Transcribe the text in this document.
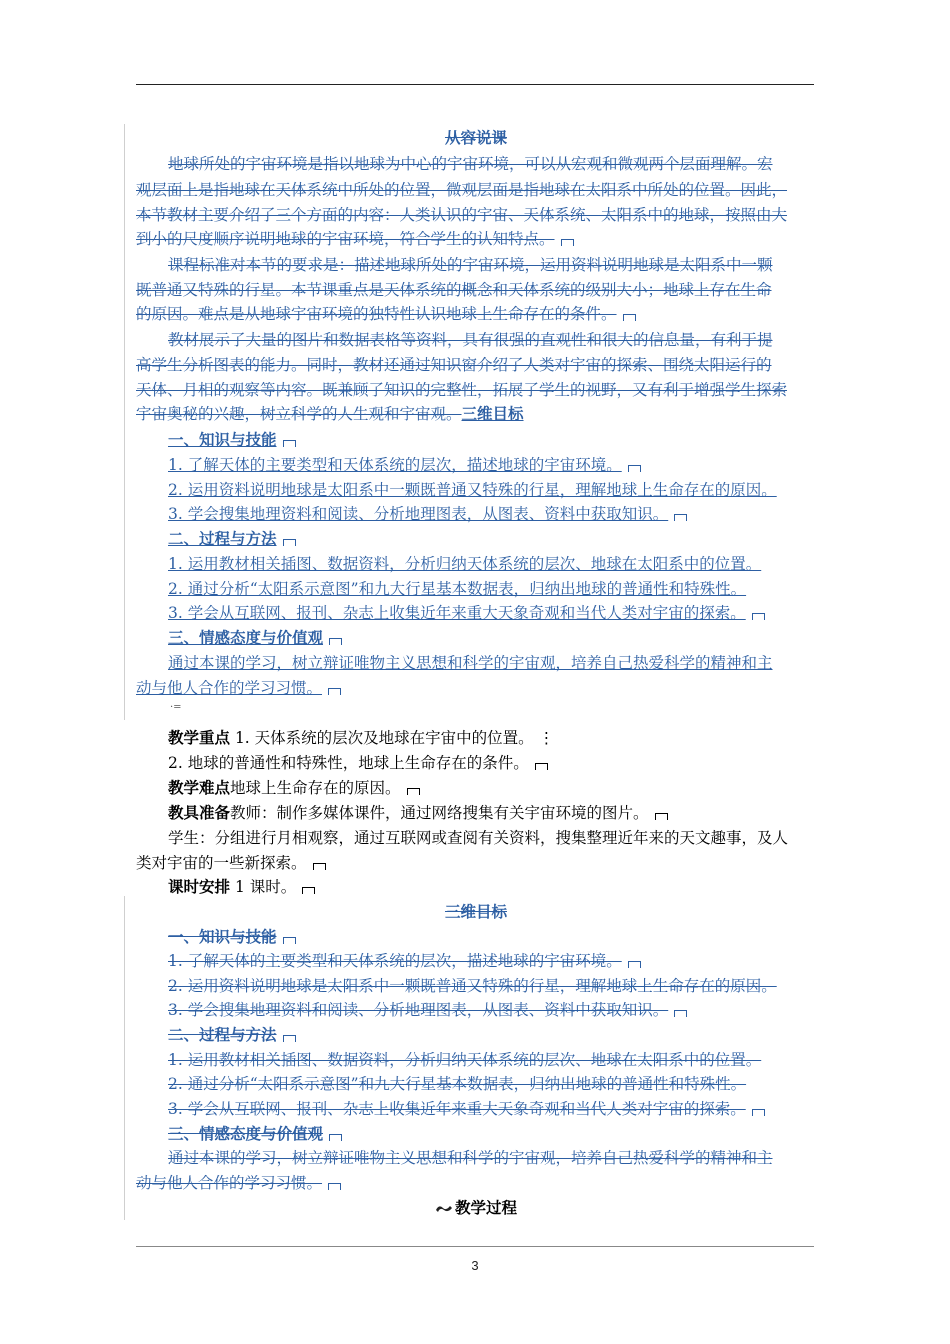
从容说课
地球所处的宇宙环境是指以地球为中心的宇宙环境，可以从宏观和微观两个层面理解。宏
观层面上是指地球在天体系统中所处的位置，微观层面是指地球在太阳系中所处的位置。因此，
本节教材主要介绍了三个方面的内容：人类认识的宇宙、天体系统、太阳系中的地球，按照由大
到小的尺度顺序说明地球的宇宙环境，符合学生的认知特点。
课程标准对本节的要求是：描述地球所处的宇宙环境，运用资料说明地球是太阳系中一颗
既普通又特殊的行星。本节课重点是天体系统的概念和天体系统的级别大小；地球上存在生命
的原因。难点是从地球宇宙环境的独特性认识地球上生命存在的条件。
教材展示了大量的图片和数据表格等资料，具有很强的直观性和很大的信息量，有利于提
高学生分析图表的能力。同时，教材还通过知识窗介绍了人类对宇宙的探索、围绕太阳运行的
天体、月相的观察等内容。既兼顾了知识的完整性，拓展了学生的视野，又有利于增强学生探索
宇宙奥秘的兴趣，树立科学的人生观和宇宙观。三维目标
一、知识与技能
1. 了解天体的主要类型和天体系统的层次，描述地球的宇宙环境。
2. 运用资料说明地球是太阳系中一颗既普通又特殊的行星，理解地球上生命存在的原因。
3. 学会搜集地理资料和阅读、分析地理图表，从图表、资料中获取知识。
二、过程与方法
1. 运用教材相关插图、数据资料，分析归纳天体系统的层次、地球在太阳系中的位置。
2. 通过分析“太阳系示意图”和九大行星基本数据表，归纳出地球的普通性和特殊性。
3. 学会从互联网、报刊、杂志上收集近年来重大天象奇观和当代人类对宇宙的探索。
三、情感态度与价值观
通过本课的学习，树立辩证唯物主义思想和科学的宇宙观，培养自己热爱科学的精神和主
动与他人合作的学习习惯。
·=
教学重点 1. 天体系统的层次及地球在宇宙中的位置。 ⋮
2. 地球的普通性和特殊性，地球上生命存在的条件。
教学难点地球上生命存在的原因。
教具准备教师：制作多媒体课件，通过网络搜集有关宇宙环境的图片。
学生：分组进行月相观察，通过互联网或查阅有关资料，搜集整理近年来的天文趣事，及人
类对宇宙的一些新探索。
课时安排 1 课时。
三维目标
一、知识与技能
1. 了解天体的主要类型和天体系统的层次，描述地球的宇宙环境。
2. 运用资料说明地球是太阳系中一颗既普通又特殊的行星，理解地球上生命存在的原因。
3. 学会搜集地理资料和阅读、分析地理图表，从图表、资料中获取知识。
二、过程与方法
1. 运用教材相关插图、数据资料，分析归纳天体系统的层次、地球在太阳系中的位置。
2. 通过分析“太阳系示意图”和九大行星基本数据表，归纳出地球的普通性和特殊性。
3. 学会从互联网、报刊、杂志上收集近年来重大天象奇观和当代人类对宇宙的探索。
三、情感态度与价值观
通过本课的学习，树立辩证唯物主义思想和科学的宇宙观，培养自己热爱科学的精神和主
动与他人合作的学习习惯。
教学过程
3
